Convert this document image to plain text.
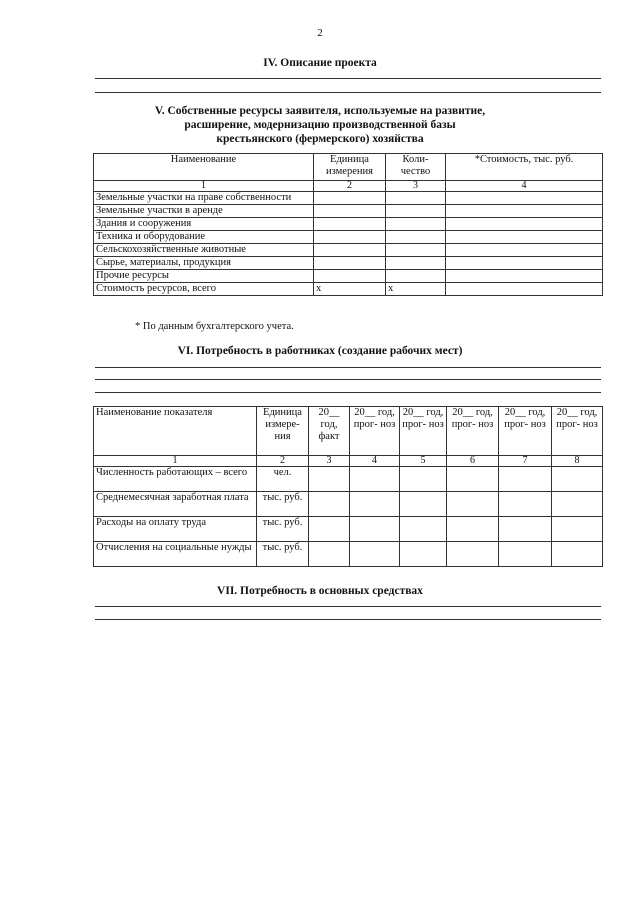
2
IV. Описание проекта
V. Собственные ресурсы заявителя, используемые на развитие,
расширение, модернизацию производственной базы
крестьянского (фермерского) хозяйства
Наименование	Единица измерения	Коли- чество	*Стоимость, тыс. руб.
1	2	3	4
Земельные участки на праве собственности			
Земельные участки в аренде			
Здания и сооружения			
Техника и оборудование			
Сельскохозяйственные животные			
Сырье, материалы, продукция			
Прочие ресурсы			
Стоимость ресурсов, всего	х	х	
* По данным бухгалтерского учета.
VI. Потребность в работниках (создание рабочих мест)
Наименование показателя	Единица измере- ния	20__ год, факт	20__ год, прог- ноз	20__ год, прог- ноз	20__ год, прог- ноз	20__ год, прог- ноз	20__ год, прог- ноз
1	2	3	4	5	6	7	8
Численность работающих – всего	чел.						
Среднемесячная заработная плата	тыс. руб.						
Расходы на оплату труда	тыс. руб.						
Отчисления на социальные нужды	тыс. руб.						
VII. Потребность в основных средствах
